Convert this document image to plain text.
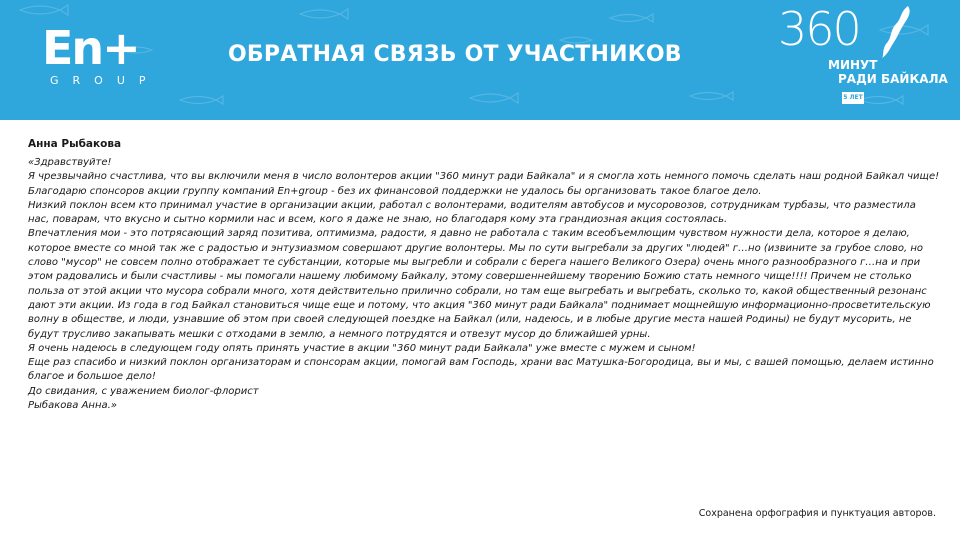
En+
GROUP
ОБРАТНАЯ СВЯЗЬ ОТ УЧАСТНИКОВ 360
МИНУТ
РАДИ БАЙКАЛА
5 ЛЕТ
Анна Рыбакова

«Здравствуйте!

Я чрезвычайно счастлива, что вы включили меня в число волонтеров акции "360 минут ради Байкала" и я смогла хоть немного помочь сделать наш родной Байкал чище! Благодарю спонсоров акции группу компаний En+group - без их финансовой поддержки не удалось бы организовать такое благое дело.

Низкий поклон всем кто принимал участие в организации акции, работал с волонтерами, водителям автобусов и мусоровозов, сотрудникам турбазы, что разместила нас, поварам, что вкусно и сытно кормили нас и всем, кого я даже не знаю, но благодаря кому эта грандиозная акция состоялась.

Впечатления мои - это потрясающий заряд позитива, оптимизма, радости, я давно не работала с таким всеобъемлющим чувством нужности дела, которое я делаю, которое вместе со мной так же с радостью и энтузиазмом совершают другие волонтеры. Мы по сути выгребали за других "людей" г…но (извините за грубое слово, но слово "мусор" не совсем полно отображает те субстанции, которые мы выгребли и собрали с берега нашего Великого Озера) очень много разнообразного г…на и при этом радовались и были счастливы - мы помогали нашему любимому Байкалу, этому совершеннейшему творению Божию стать немного чище!!!! Причем не столько польза от этой акции что мусора собрали много, хотя действительно прилично собрали, но там еще выгребать и выгребать, сколько то, какой общественный резонанс дают эти акции. Из года в год Байкал становиться чище еще и потому, что акция "360 минут ради Байкала" поднимает мощнейшую информационно-просветительскую волну в обществе, и люди, узнавшие об этом при своей следующей поездке на Байкал (или, надеюсь, и в любые другие места нашей Родины) не будут мусорить, не будут трусливо закапывать мешки с отходами в землю, а немного потрудятся и отвезут мусор до ближайшей урны.

Я очень надеюсь в следующем году опять принять участие в акции "360 минут ради Байкала" уже вместе с мужем и сыном!

Еще раз спасибо и низкий поклон организаторам и спонсорам акции, помогай вам Господь, храни вас Матушка-Богородица, вы и мы, с вашей помощью, делаем истинно благое и большое дело!

До свидания, с уважением биолог-флорист

Рыбакова Анна.»

Сохранена орфография и пунктуация авторов.
